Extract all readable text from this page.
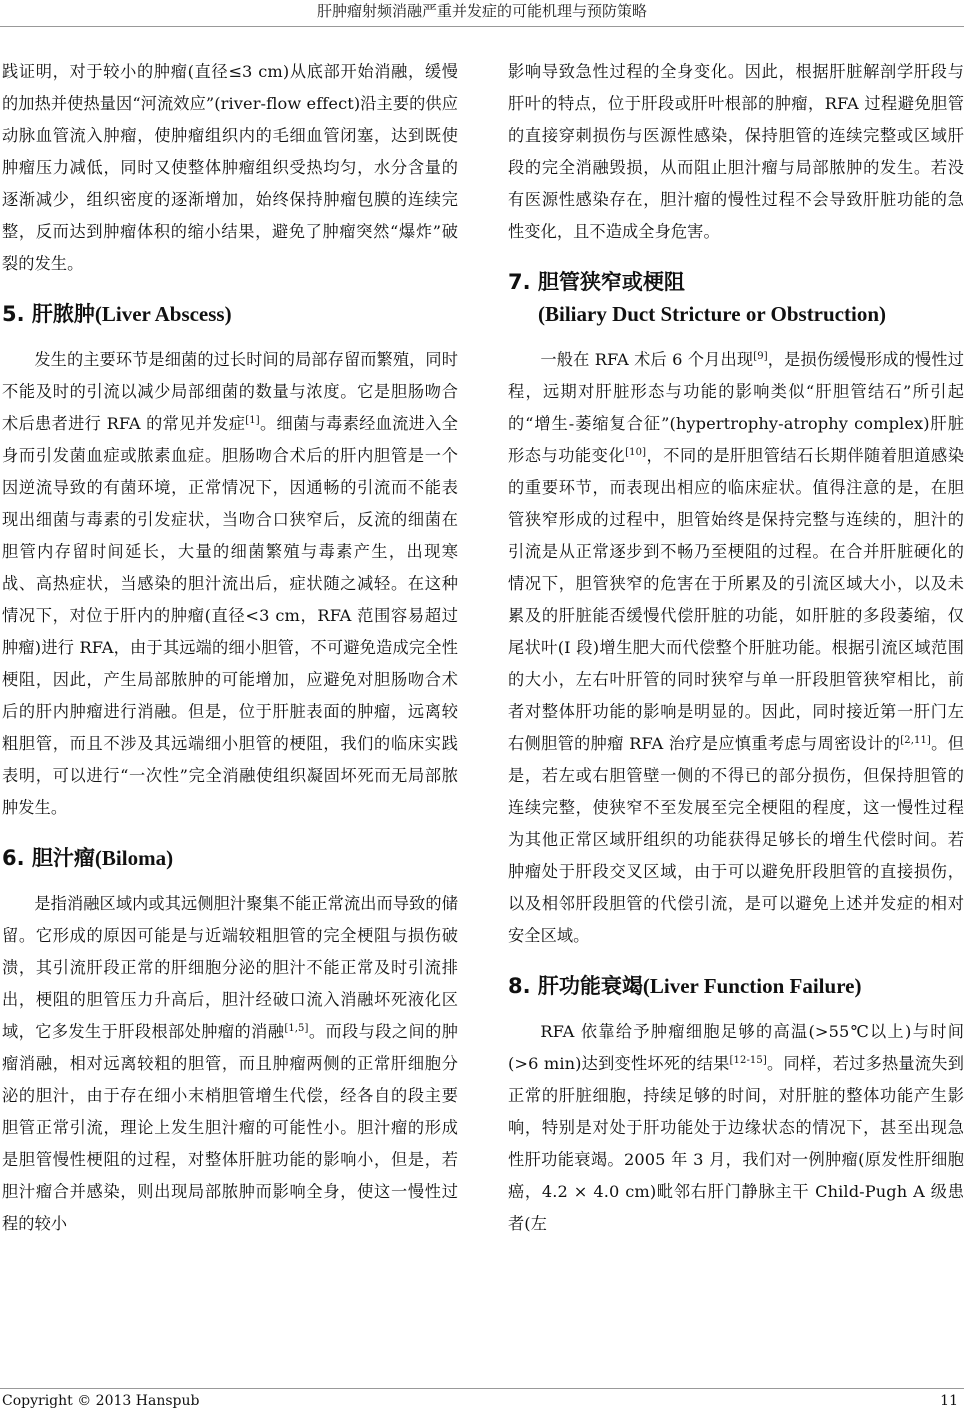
肝肿瘤射频消融严重并发症的可能机理与预防策略

践证明，对于较小的肿瘤(直径≤3 cm)从底部开始消融，缓慢的加热并使热量因“河流效应”(river-flow effect)沿主要的供应动脉血管流入肿瘤，使肿瘤组织内的毛细血管闭塞，达到既使肿瘤压力减低，同时又使整体肿瘤组织受热均匀，水分含量的逐渐减少，组织密度的逐渐增加，始终保持肿瘤包膜的连续完整，反而达到肿瘤体积的缩小结果，避免了肿瘤突然“爆炸”破裂的发生。

5. 肝脓肿(Liver Abscess)

发生的主要环节是细菌的过长时间的局部存留而繁殖，同时不能及时的引流以减少局部细菌的数量与浓度。它是胆肠吻合术后患者进行 RFA 的常见并发症[1]。细菌与毒素经血流进入全身而引发菌血症或脓素血症。胆肠吻合术后的肝内胆管是一个因逆流导致的有菌环境，正常情况下，因通畅的引流而不能表现出细菌与毒素的引发症状，当吻合口狭窄后，反流的细菌在胆管内存留时间延长，大量的细菌繁殖与毒素产生，出现寒战、高热症状，当感染的胆汁流出后，症状随之减轻。在这种情况下，对位于肝内的肿瘤(直径<3 cm，RFA 范围容易超过肿瘤)进行 RFA，由于其远端的细小胆管，不可避免造成完全性梗阻，因此，产生局部脓肿的可能增加，应避免对胆肠吻合术后的肝内肿瘤进行消融。但是，位于肝脏表面的肿瘤，远离较粗胆管，而且不涉及其远端细小胆管的梗阻，我们的临床实践表明，可以进行“一次性”完全消融使组织凝固坏死而无局部脓肿发生。

6. 胆汁瘤(Biloma)

是指消融区域内或其远侧胆汁聚集不能正常流出而导致的储留。它形成的原因可能是与近端较粗胆管的完全梗阻与损伤破溃，其引流肝段正常的肝细胞分泌的胆汁不能正常及时引流排出，梗阻的胆管压力升高后，胆汁经破口流入消融坏死液化区域，它多发生于肝段根部处肿瘤的消融[1,5]。而段与段之间的肿瘤消融，相对远离较粗的胆管，而且肿瘤两侧的正常肝细胞分泌的胆汁，由于存在细小末梢胆管增生代偿，经各自的段主要胆管正常引流，理论上发生胆汁瘤的可能性小。胆汁瘤的形成是胆管慢性梗阻的过程，对整体肝脏功能的影响小，但是，若胆汁瘤合并感染，则出现局部脓肿而影响全身，使这一慢性过程的较小

影响导致急性过程的全身变化。因此，根据肝脏解剖学肝段与肝叶的特点，位于肝段或肝叶根部的肿瘤，RFA 过程避免胆管的直接穿刺损伤与医源性感染，保持胆管的连续完整或区域肝段的完全消融毁损，从而阻止胆汁瘤与局部脓肿的发生。若没有医源性感染存在，胆汁瘤的慢性过程不会导致肝脏功能的急性变化，且不造成全身危害。

7. 胆管狭窄或梗阻
(Biliary Duct Stricture or Obstruction)

一般在 RFA 术后 6 个月出现[9]，是损伤缓慢形成的慢性过程，远期对肝脏形态与功能的影响类似“肝胆管结石”所引起的“增生-萎缩复合征”(hypertrophy-atrophy complex)肝脏形态与功能变化[10]，不同的是肝胆管结石长期伴随着胆道感染的重要环节，而表现出相应的临床症状。值得注意的是，在胆管狭窄形成的过程中，胆管始终是保持完整与连续的，胆汁的引流是从正常逐步到不畅乃至梗阻的过程。在合并肝脏硬化的情况下，胆管狭窄的危害在于所累及的引流区域大小，以及未累及的肝脏能否缓慢代偿肝脏的功能，如肝脏的多段萎缩，仅尾状叶(I 段)增生肥大而代偿整个肝脏功能。根据引流区域范围的大小，左右叶肝管的同时狭窄与单一肝段胆管狭窄相比，前者对整体肝功能的影响是明显的。因此，同时接近第一肝门左右侧胆管的肿瘤 RFA 治疗是应慎重考虑与周密设计的[2,11]。但是，若左或右胆管壁一侧的不得已的部分损伤，但保持胆管的连续完整，使狭窄不至发展至完全梗阻的程度，这一慢性过程为其他正常区域肝组织的功能获得足够长的增生代偿时间。若肿瘤处于肝段交叉区域，由于可以避免肝段胆管的直接损伤，以及相邻肝段胆管的代偿引流，是可以避免上述并发症的相对安全区域。

8. 肝功能衰竭(Liver Function Failure)

RFA 依靠给予肿瘤细胞足够的高温(>55℃以上)与时间(>6 min)达到变性坏死的结果[12-15]。同样，若过多热量流失到正常的肝脏细胞，持续足够的时间，对肝脏的整体功能产生影响，特别是对处于肝功能处于边缘状态的情况下，甚至出现急性肝功能衰竭。2005 年 3 月，我们对一例肿瘤(原发性肝细胞癌，4.2 × 4.0 cm)毗邻右肝门静脉主干 Child-Pugh A 级患者(左

Copyright © 2013 Hanspub	11
